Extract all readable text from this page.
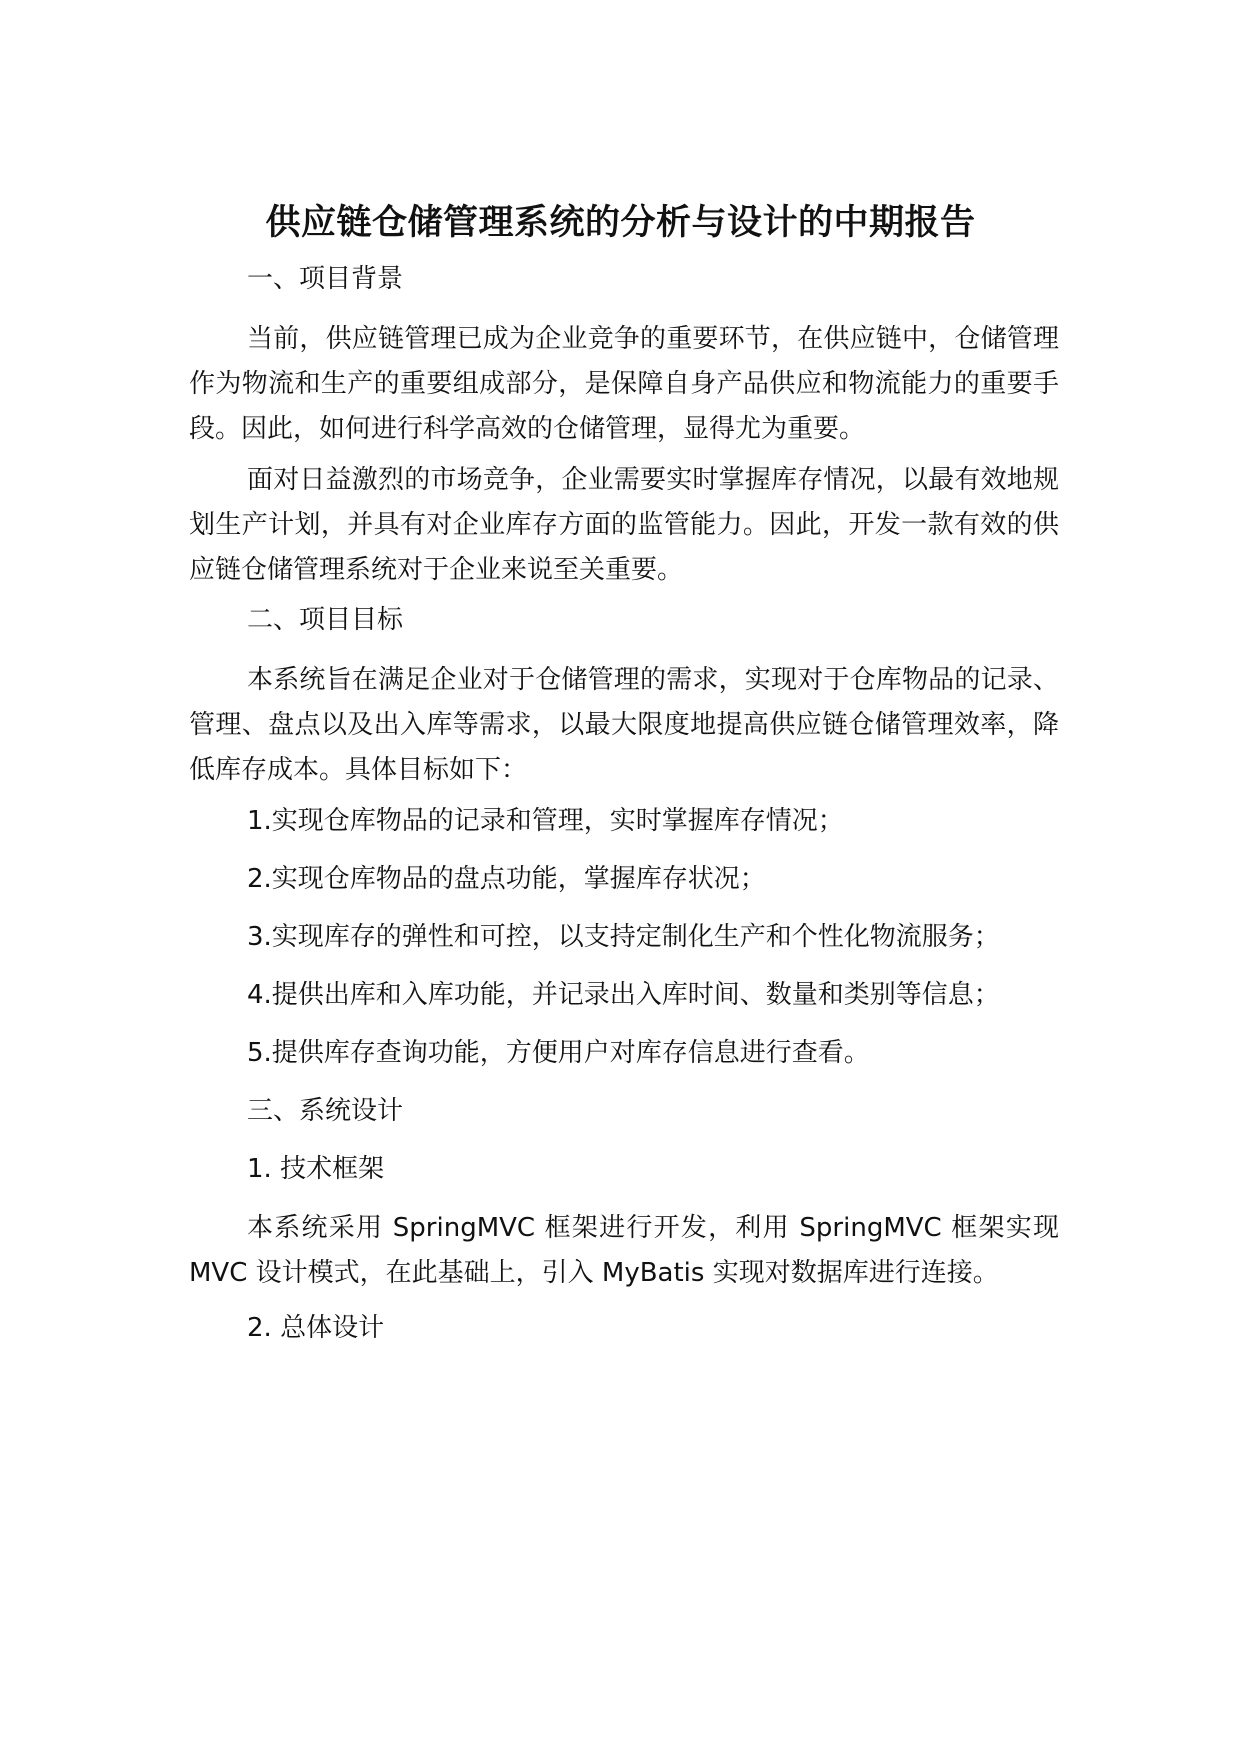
供应链仓储管理系统的分析与设计的中期报告

一、项目背景

当前，供应链管理已成为企业竞争的重要环节，在供应链中，仓储管理作为物流和生产的重要组成部分，是保障自身产品供应和物流能力的重要手段。因此，如何进行科学高效的仓储管理，显得尤为重要。

面对日益激烈的市场竞争，企业需要实时掌握库存情况，以最有效地规划生产计划，并具有对企业库存方面的监管能力。因此，开发一款有效的供应链仓储管理系统对于企业来说至关重要。

二、项目目标

本系统旨在满足企业对于仓储管理的需求，实现对于仓库物品的记录、管理、盘点以及出入库等需求，以最大限度地提高供应链仓储管理效率，降低库存成本。具体目标如下：

1.实现仓库物品的记录和管理，实时掌握库存情况；

2.实现仓库物品的盘点功能，掌握库存状况；

3.实现库存的弹性和可控，以支持定制化生产和个性化物流服务；

4.提供出库和入库功能，并记录出入库时间、数量和类别等信息；

5.提供库存查询功能，方便用户对库存信息进行查看。

三、系统设计

1. 技术框架

本系统采用 SpringMVC 框架进行开发，利用 SpringMVC 框架实现 MVC 设计模式，在此基础上，引入 MyBatis 实现对数据库进行连接。

2. 总体设计
